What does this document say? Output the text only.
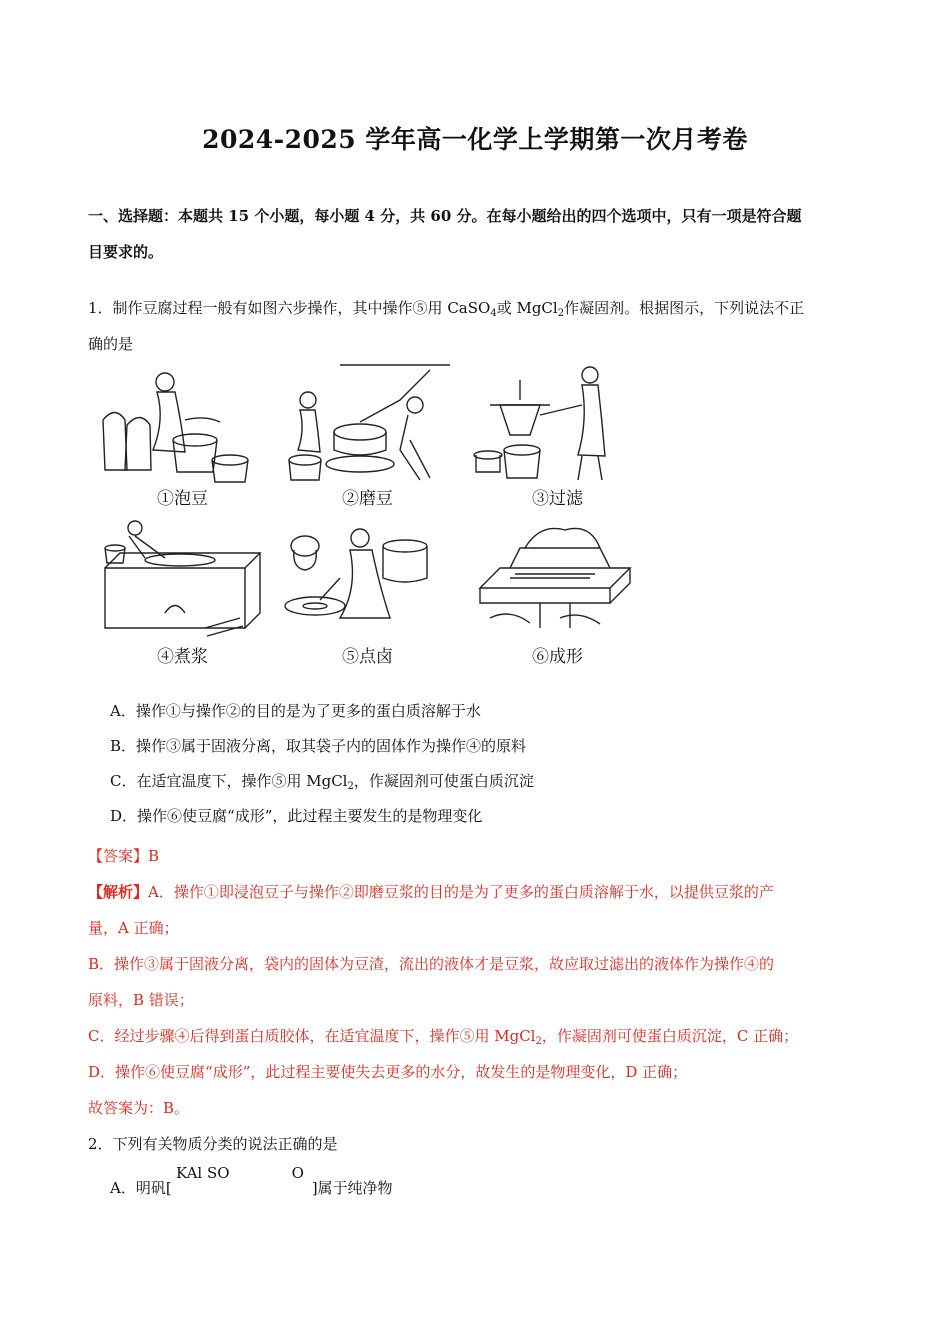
2024-2025 学年高一化学上学期第一次月考卷
一、选择题：本题共 15 个小题，每小题 4 分，共 60 分。在每小题给出的四个选项中，只有一项是符合题
目要求的。
1．制作豆腐过程一般有如图六步操作，其中操作⑤用 CaSO$_4$或 MgCl$_2$作凝固剂。根据图示，下列说法不正
确的是
①泡豆	②磨豆	③过滤
④煮浆	⑤点卤	⑥成形
A．操作①与操作②的目的是为了更多的蛋白质溶解于水
B．操作③属于固液分离，取其袋子内的固体作为操作④的原料
C．在适宜温度下，操作⑤用 MgCl$_2$，作凝固剂可使蛋白质沉淀
D．操作⑥使豆腐“成形”，此过程主要发生的是物理变化
【答案】B
【解析】A．操作①即浸泡豆子与操作②即磨豆浆的目的是为了更多的蛋白质溶解于水，以提供豆浆的产
量，A 正确；
B．操作③属于固液分离，袋内的固体为豆渣，流出的液体才是豆浆，故应取过滤出的液体作为操作④的
原料，B 错误；
C．经过步骤④后得到蛋白质胶体，在适宜温度下，操作⑤用 MgCl$_2$，作凝固剂可使蛋白质沉淀，C 正确；
D．操作⑥使豆腐“成形”，此过程主要使失去更多的水分，故发生的是物理变化，D 正确；
故答案为：B。
2．下列有关物质分类的说法正确的是
A．明矾[	]属于纯净物
KAl SO	O
